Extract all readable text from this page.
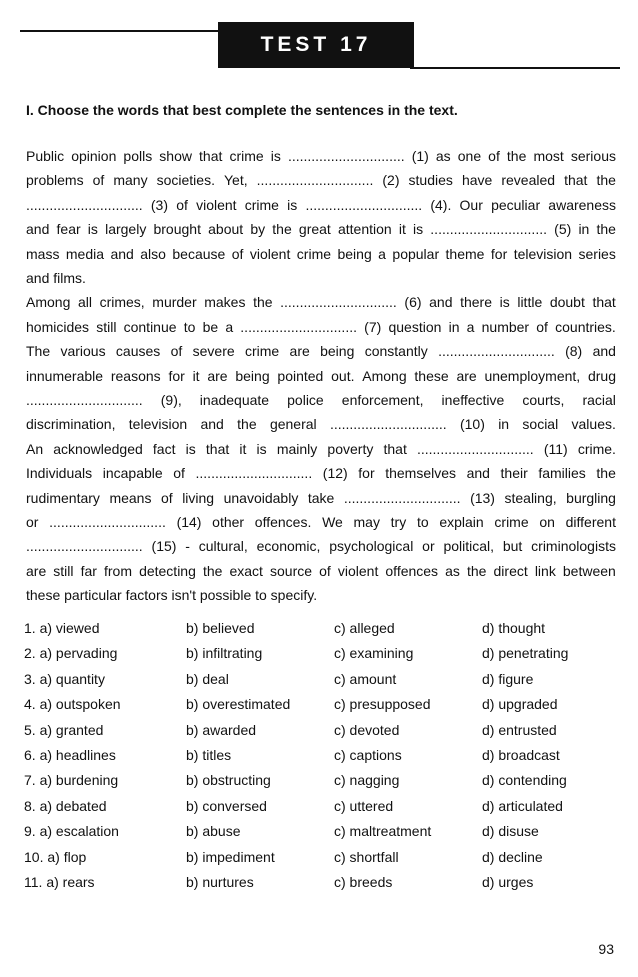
TEST 17
I. Choose the words that best complete the sentences in the text.
Public opinion polls show that crime is .............................. (1) as one of the most serious
problems of many societies. Yet, .............................. (2) studies have revealed that the
.............................. (3) of violent crime is .............................. (4). Our peculiar awareness
and fear is largely brought about by the great attention it is .............................. (5) in the
mass media and also because of violent crime being a popular theme for television series
and films.
Among all crimes, murder makes the .............................. (6) and there is little doubt that
homicides still continue to be a .............................. (7) question in a number of countries.
The various causes of severe crime are being constantly .............................. (8) and
innumerable reasons for it are being pointed out. Among these are unemployment, drug
.............................. (9), inadequate police enforcement, ineffective courts, racial
discrimination, television and the general .............................. (10) in social values.
An acknowledged fact is that it is mainly poverty that .............................. (11) crime.
Individuals incapable of .............................. (12) for themselves and their families the
rudimentary means of living unavoidably take .............................. (13) stealing, burgling
or .............................. (14) other offences. We may try to explain crime on different
.............................. (15) - cultural, economic, psychological or political, but criminologists
are still far from detecting the exact source of violent offences as the direct link between
these particular factors isn't possible to specify.
1. a) viewed	b) believed	c) alleged	d) thought
2. a) pervading	b) infiltrating	c) examining	d) penetrating
3. a) quantity	b) deal	c) amount	d) figure
4. a) outspoken	b) overestimated	c) presupposed	d) upgraded
5. a) granted	b) awarded	c) devoted	d) entrusted
6. a) headlines	b) titles	c) captions	d) broadcast
7. a) burdening	b) obstructing	c) nagging	d) contending
8. a) debated	b) conversed	c) uttered	d) articulated
9. a) escalation	b) abuse	c) maltreatment	d) disuse
10. a) flop	b) impediment	c) shortfall	d) decline
11. a) rears	b) nurtures	c) breeds	d) urges
93
